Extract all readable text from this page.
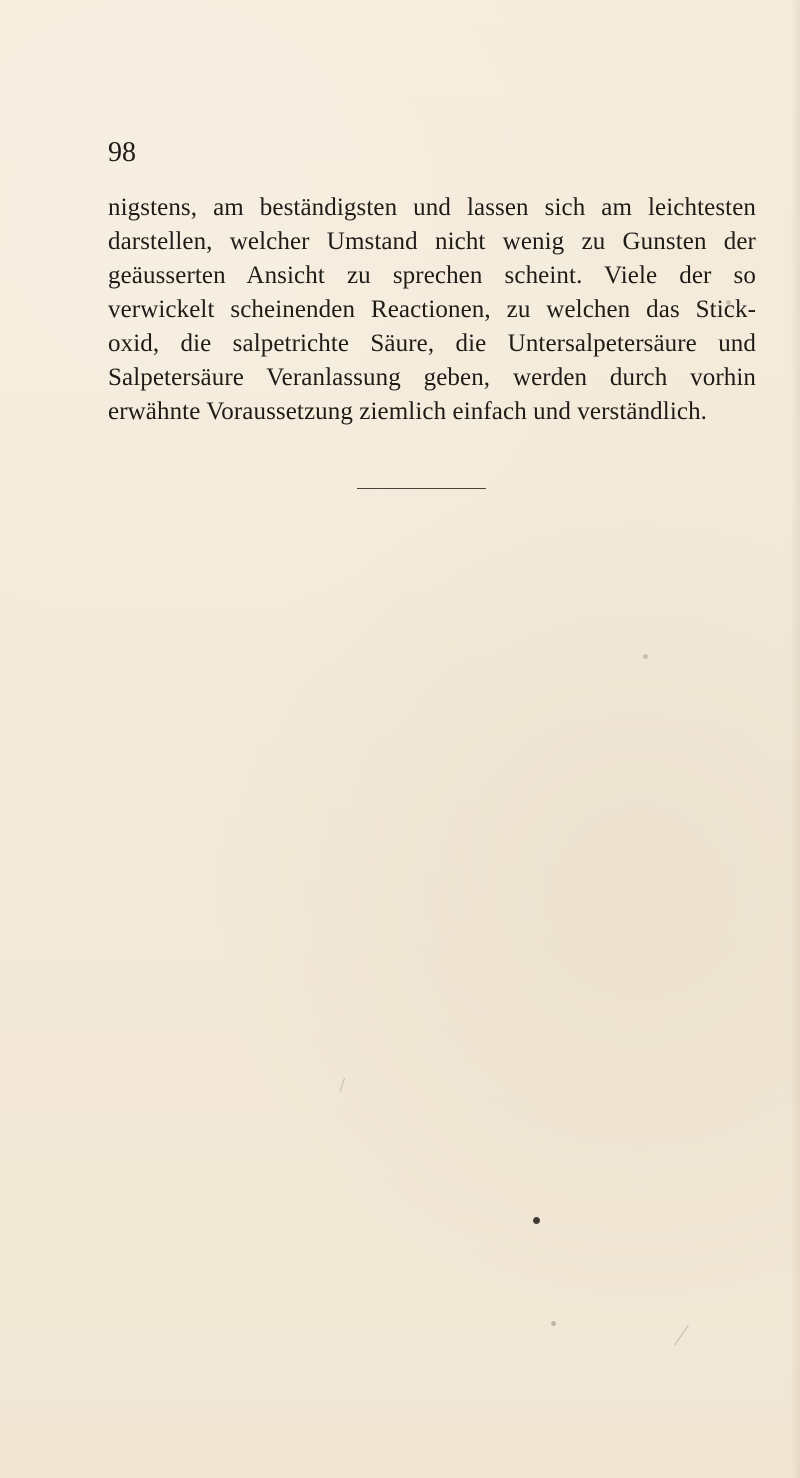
98
nigstens, am beständigsten und lassen sich am leichtesten
darstellen, welcher Umstand nicht wenig zu Gunsten der
geäusserten Ansicht zu sprechen scheint. Viele der so
verwickelt scheinenden Reactionen, zu welchen das Stick-
oxid, die salpetrichte Säure, die Untersalpetersäure und
Salpetersäure Veranlassung geben, werden durch vorhin
erwähnte Voraussetzung ziemlich einfach und verständlich.
